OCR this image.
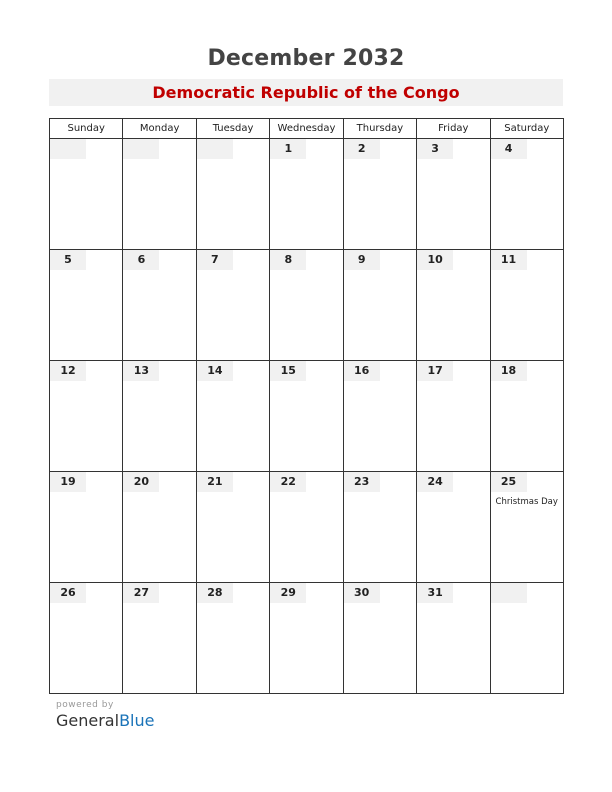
December 2032
Democratic Republic of the Congo
Sunday	Monday	Tuesday	Wednesday	Thursday	Friday	Saturday

			1	2	3	4

5	6	7	8	9	10	11

12	13	14	15	16	17	18

19	20	21	22	23	24	25
Christmas Day

26	27	28	29	30	31	

powered by
GeneralBlue
